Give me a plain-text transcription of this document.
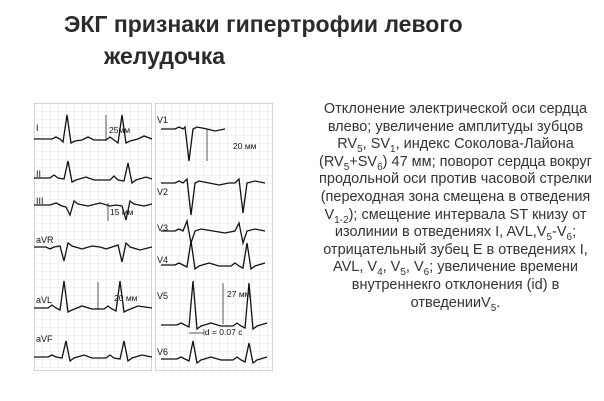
ЭКГ признаки гипертрофии левого
желудочка
I	25мм
II
III
15 мм
aVR
aVL	20 мм
aVF
V1
20 мм
V2
V3
V4
V5	27 мм
id = 0.07 с
V6
Отклонение электрической оси сердца влево; увеличение амплитуды зубцов $RV_5$, $SV_1$, индекс Соколова-Лайона $(RV_5+SV_6)$ 47 мм; поворот сердца вокруг продольной оси против часовой стрелки (переходная зона смещена в отведения $V_{1-2}$); смещение интервала ST книзу от изолинии в отведениях I, $AVL,V_5-V_6$; отрицательный зубец E в отведениях I, AVL, $V_4$, $V_5$, $V_6$; увеличение времени внутреннекго отклонения (id) в отведенииV$_5$.
